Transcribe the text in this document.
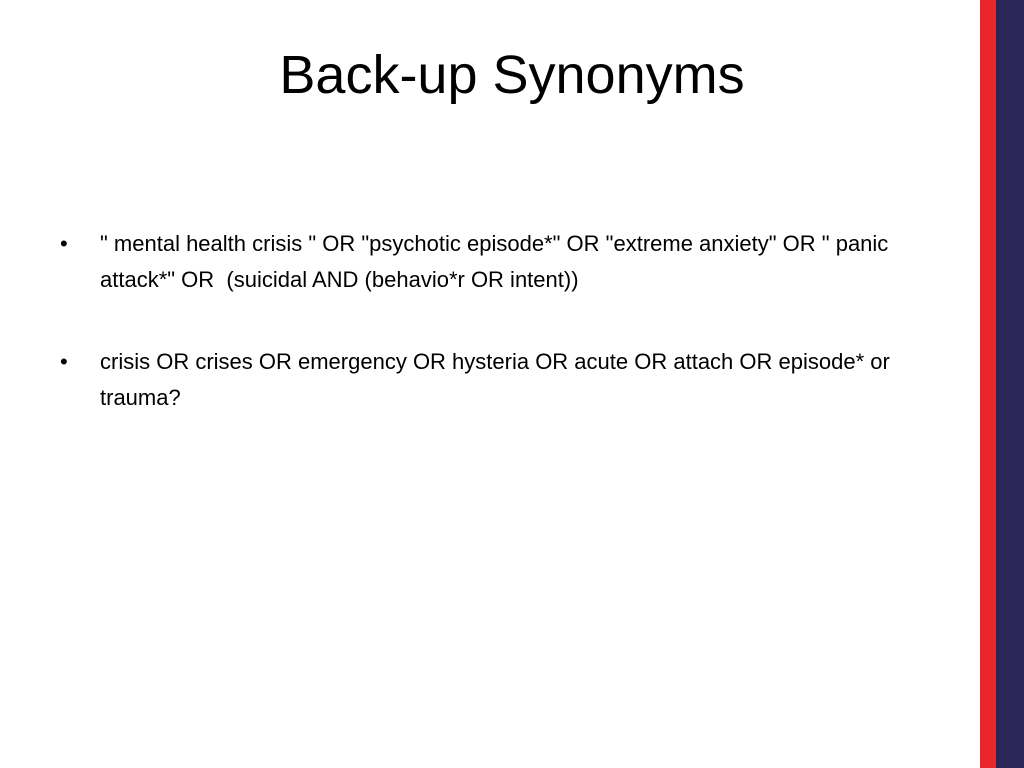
Back-up Synonyms
•	" mental health crisis " OR "psychotic episode*" OR "extreme anxiety" OR " panic attack*" OR  (suicidal AND (behavio*r OR intent))
•	crisis OR crises OR emergency OR hysteria OR acute OR attach OR episode* or trauma?
